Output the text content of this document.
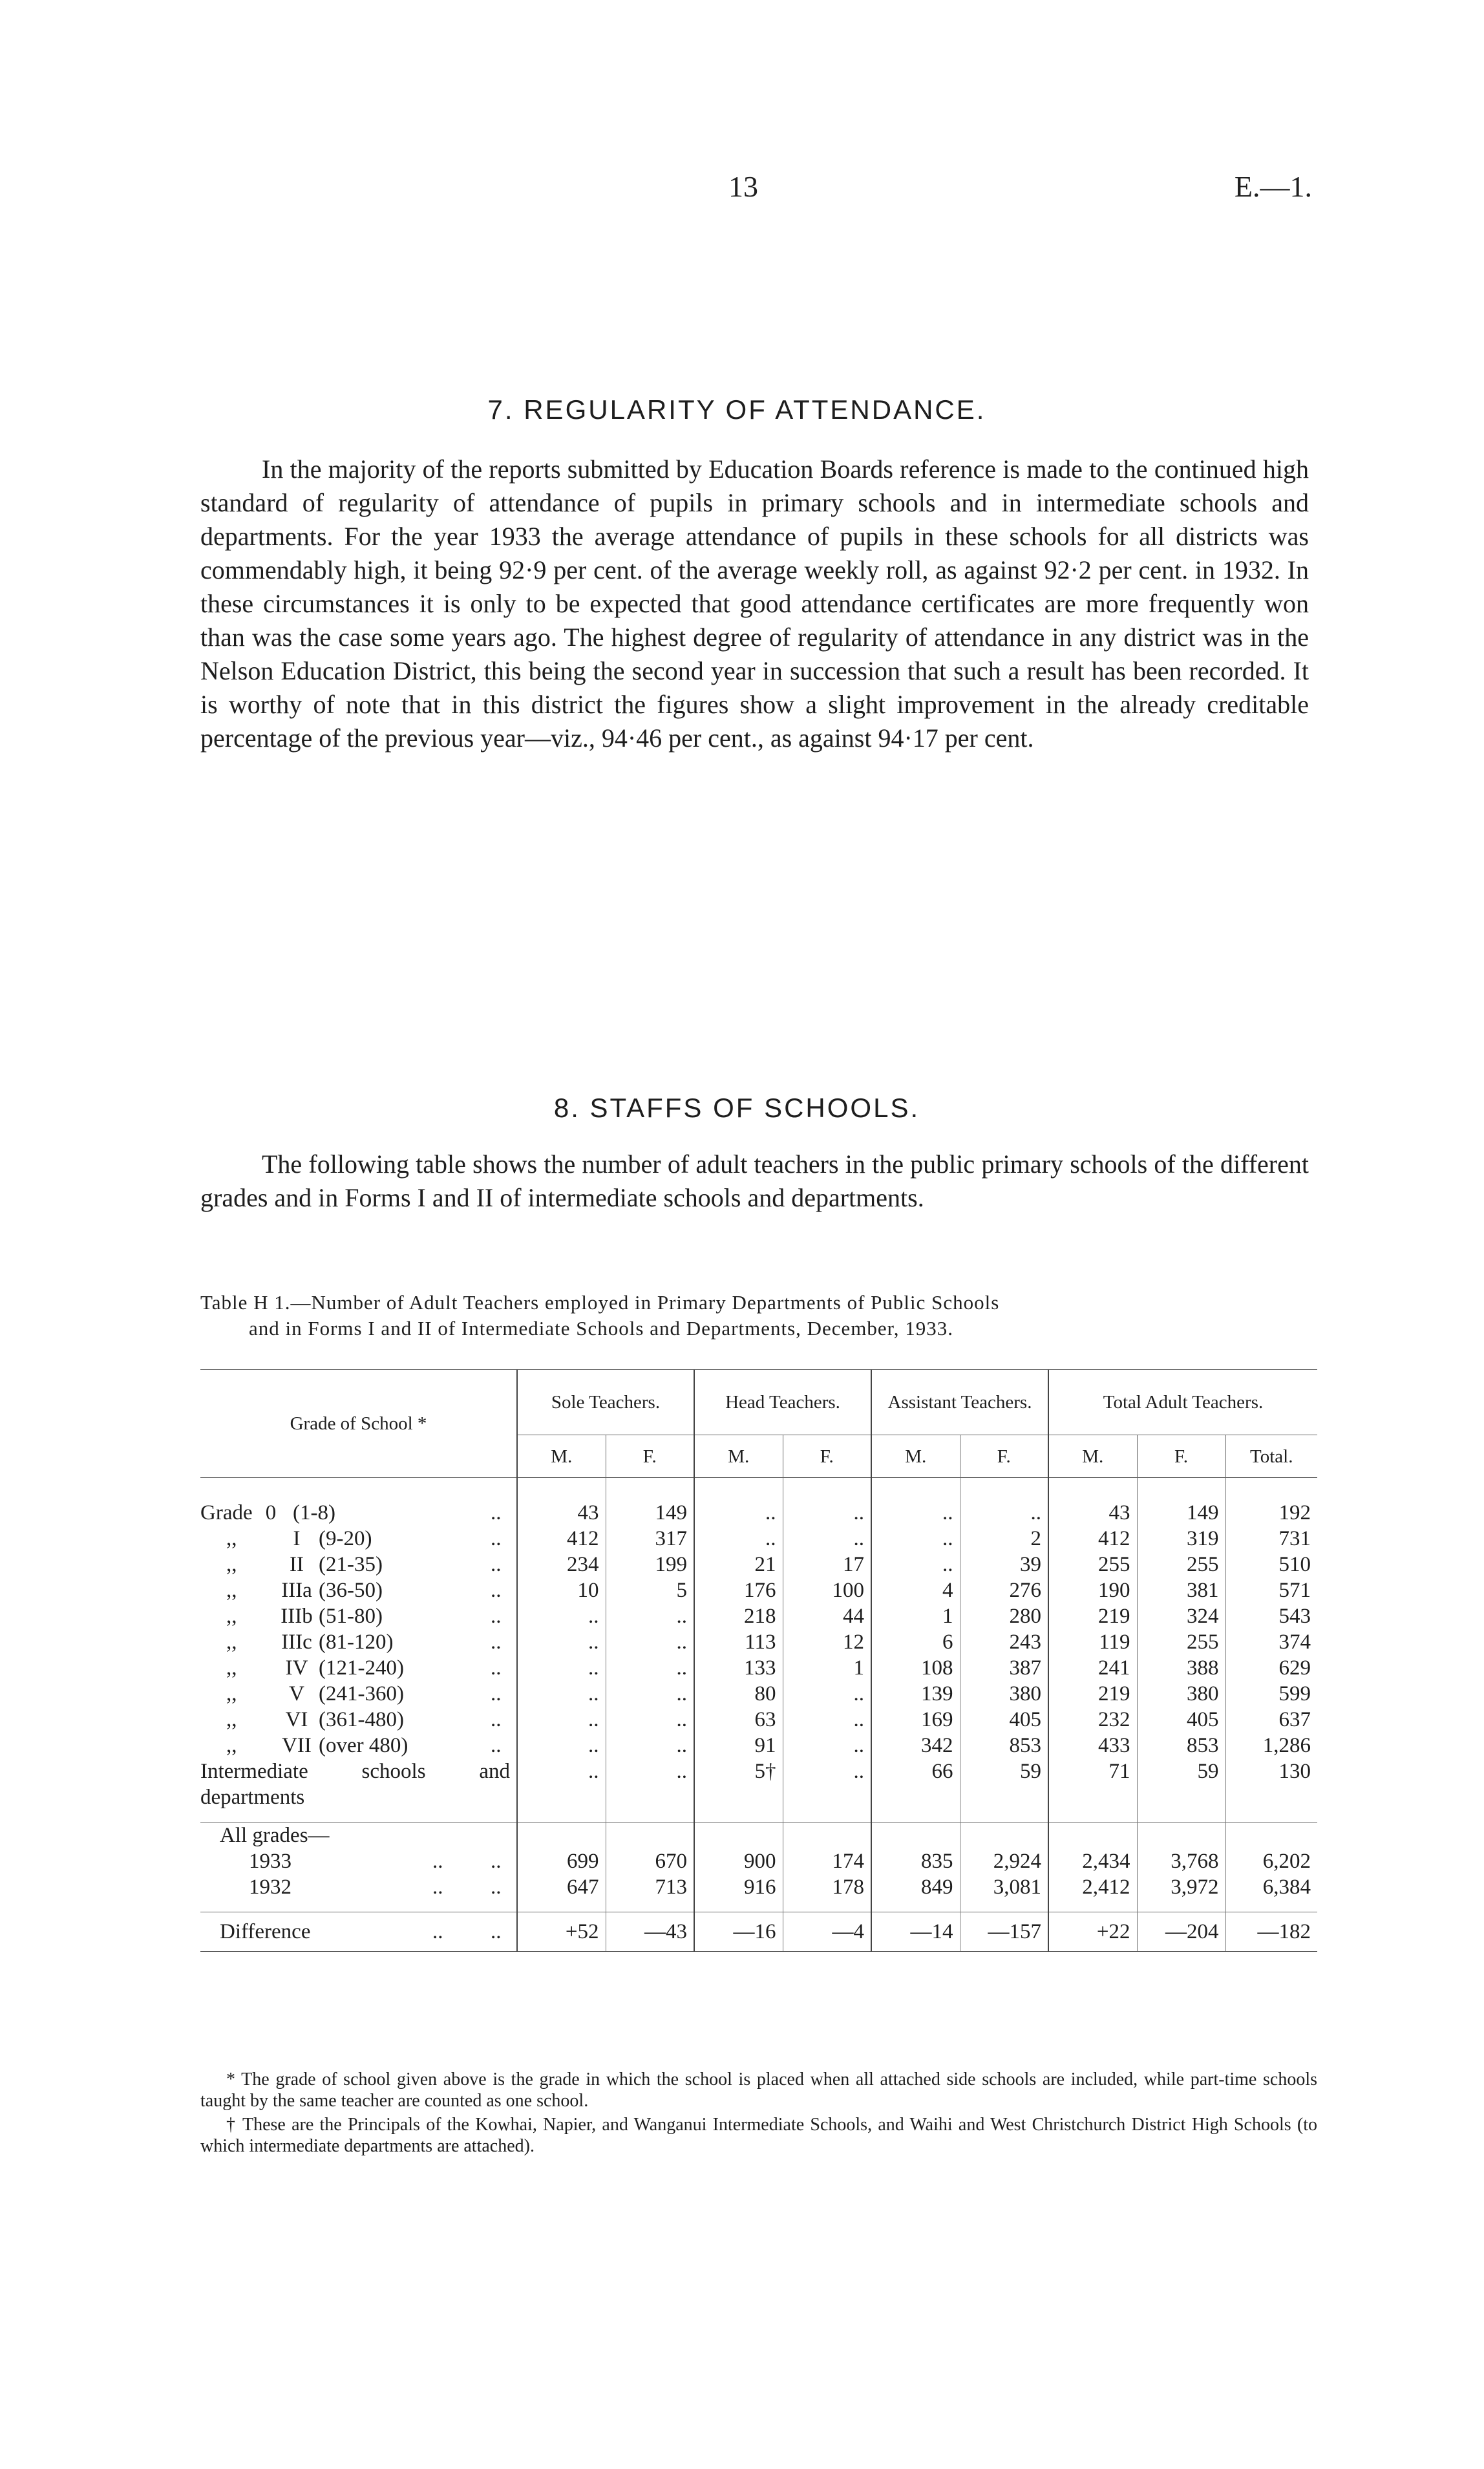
13	E.—1.
7. REGULARITY OF ATTENDANCE.

In the majority of the reports submitted by Education Boards reference is made to the continued high standard of regularity of attendance of pupils in primary schools and in intermediate schools and departments. For the year 1933 the average attendance of pupils in these schools for all districts was commendably high, it being 92·9 per cent. of the average weekly roll, as against 92·2 per cent. in 1932. In these circumstances it is only to be expected that good attendance certificates are more frequently won than was the case some years ago. The highest degree of regularity of attendance in any district was in the Nelson Education District, this being the second year in succession that such a result has been recorded. It is worthy of note that in this district the figures show a slight improvement in the already creditable percentage of the previous year—viz., 94·46 per cent., as against 94·17 per cent.

8. STAFFS OF SCHOOLS.

The following table shows the number of adult teachers in the public primary schools of the different grades and in Forms I and II of intermediate schools and departments.

Table H 1.—Number of Adult Teachers employed in Primary Departments of Public Schools
and in Forms I and II of Intermediate Schools and Departments, December, 1933.
Grade of School *	Sole Teachers.		Head Teachers.		Assistant Teachers.		Total Adult Teachers.		
	M.	F.	M.	F.	M.	F.	M.	F.	Total.

Grade 0 (1-8) ..	43	149	..	..	..	..	43	149	192

,, I (9-20) ..	412	317	..	..	..	2	412	319	731

,, II (21-35) ..	234	199	21	17	..	39	255	255	510

,, IIIa (36-50) ..	10	5	176	100	4	276	190	381	571

,, IIIb (51-80) ..	..	..	218	44	1	280	219	324	543

,, IIIc (81-120) ..	..	..	113	12	6	243	119	255	374

,, IV (121-240) ..	..	..	133	1	108	387	241	388	629

,, V (241-360) ..	..	..	80	..	139	380	219	380	599

,, VI (361-480) ..	..	..	63	..	169	405	232	405	637

,, VII (over 480) ..	..	..	91	..	342	853	433	853	1,286

Intermediate schools and	..	..	5†	..	66	59	71	59	130
departments									

All grades—									

1933 .. ..	699	670	900	174	835	2,924	2,434	3,768	6,202

1932 .. ..	647	713	916	178	849	3,081	2,412	3,972	6,384

Difference .. ..	+52	—43	—16	—4	—14	—157	+22	—204	—182

* The grade of school given above is the grade in which the school is placed when all attached side schools are included, while part-time schools taught by the same teacher are counted as one school.

† These are the Principals of the Kowhai, Napier, and Wanganui Intermediate Schools, and Waihi and West Christchurch District High Schools (to which intermediate departments are attached).
